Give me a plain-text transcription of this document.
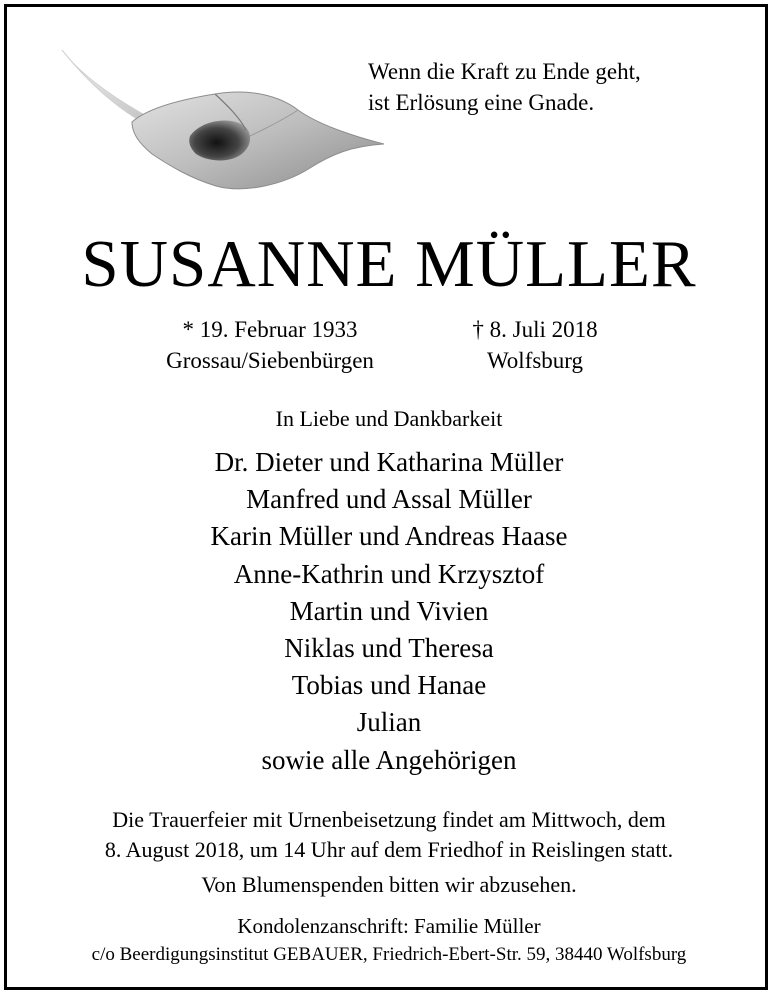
Wenn die Kraft zu Ende geht,
ist Erlösung eine Gnade.
SUSANNE MÜLLER
* 19. Februar 1933
Grossau/Siebenbürgen
† 8. Juli 2018
Wolfsburg
In Liebe und Dankbarkeit
Dr. Dieter und Katharina Müller
Manfred und Assal Müller
Karin Müller und Andreas Haase
Anne-Kathrin und Krzysztof
Martin und Vivien
Niklas und Theresa
Tobias und Hanae
Julian
sowie alle Angehörigen
Die Trauerfeier mit Urnenbeisetzung findet am Mittwoch, dem
8. August 2018, um 14 Uhr auf dem Friedhof in Reislingen statt.
Von Blumenspenden bitten wir abzusehen.
Kondolenzanschrift: Familie Müller
c/o Beerdigungsinstitut GEBAUER, Friedrich-Ebert-Str. 59, 38440 Wolfsburg
